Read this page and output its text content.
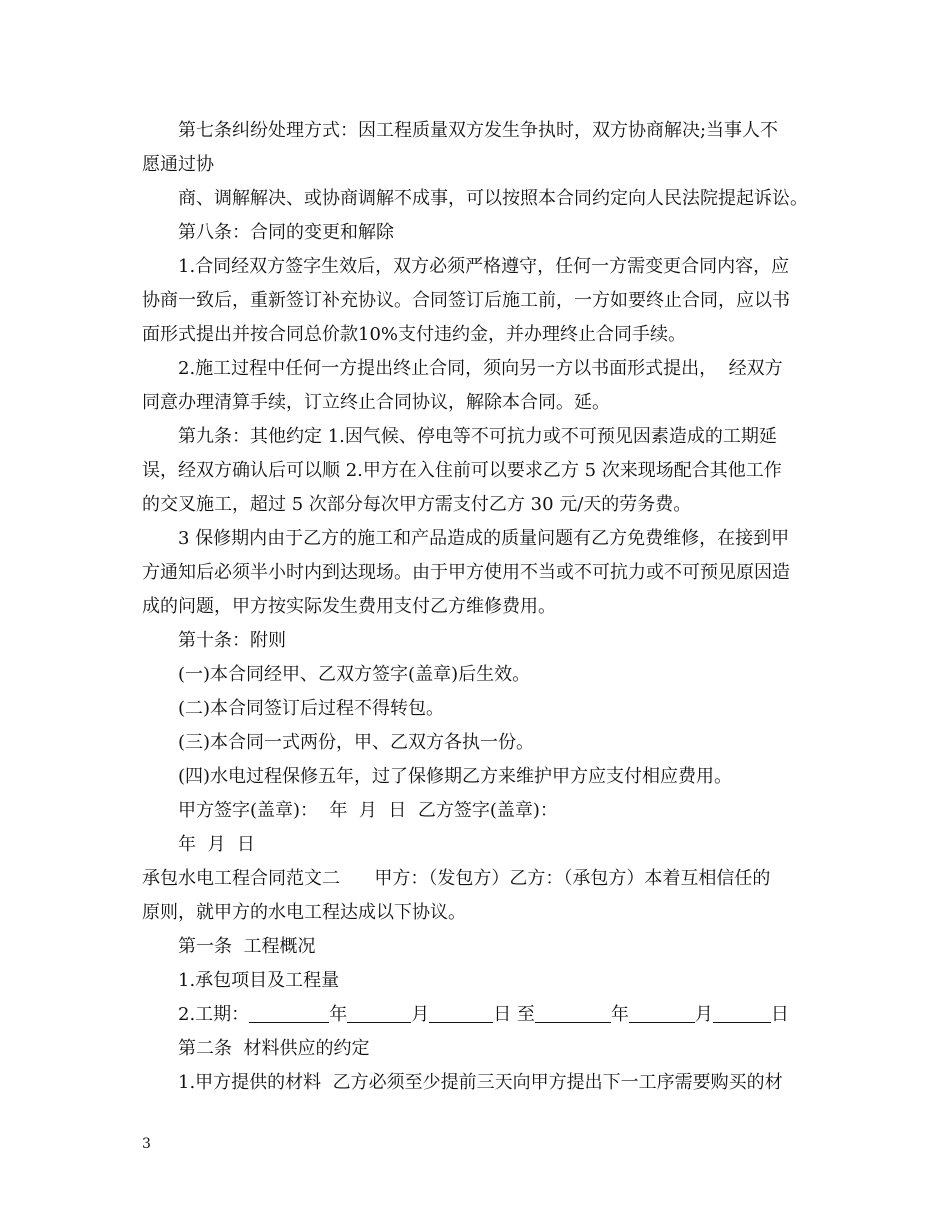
第七条纠纷处理方式：因工程质量双方发生争执时，双方协商解决;当事人不

愿通过协

商、调解解决、或协商调解不成事，可以按照本合同约定向人民法院提起诉讼。

第八条：合同的变更和解除

1.合同经双方签字生效后，双方必须严格遵守，任何一方需变更合同内容，应

协商一致后，重新签订补充协议。合同签订后施工前，一方如要终止合同，应以书

面形式提出并按合同总价款10%支付违约金，并办理终止合同手续。

2.施工过程中任何一方提出终止合同，须向另一方以书面形式提出，  经双方

同意办理清算手续，订立终止合同协议，解除本合同。延。

第九条：其他约定 1.因气候、停电等不可抗力或不可预见因素造成的工期延

误，经双方确认后可以顺 2.甲方在入住前可以要求乙方 5 次来现场配合其他工作

的交叉施工，超过 5 次部分每次甲方需支付乙方 30 元/天的劳务费。

3 保修期内由于乙方的施工和产品造成的质量问题有乙方免费维修，在接到甲

方通知后必须半小时内到达现场。由于甲方使用不当或不可抗力或不可预见原因造

成的问题，甲方按实际发生费用支付乙方维修费用。

第十条：附则

(一)本合同经甲、乙双方签字(盖章)后生效。

(二)本合同签订后过程不得转包。

(三)本合同一式两份，甲、乙双方各执一份。

(四)水电过程保修五年，过了保修期乙方来维护甲方应支付相应费用。

甲方签字(盖章)：  年  月  日  乙方签字(盖章)：

年  月  日

承包水电工程合同范文二      甲方：（发包方）乙方：（承包方）本着互相信任的

原则，就甲方的水电工程达成以下协议。

第一条  工程概况

1.承包项目及工程量

2.工期：	年	月	日 至	年	月	日

第二条  材料供应的约定

1.甲方提供的材料  乙方必须至少提前三天向甲方提出下一工序需要购买的材

3
